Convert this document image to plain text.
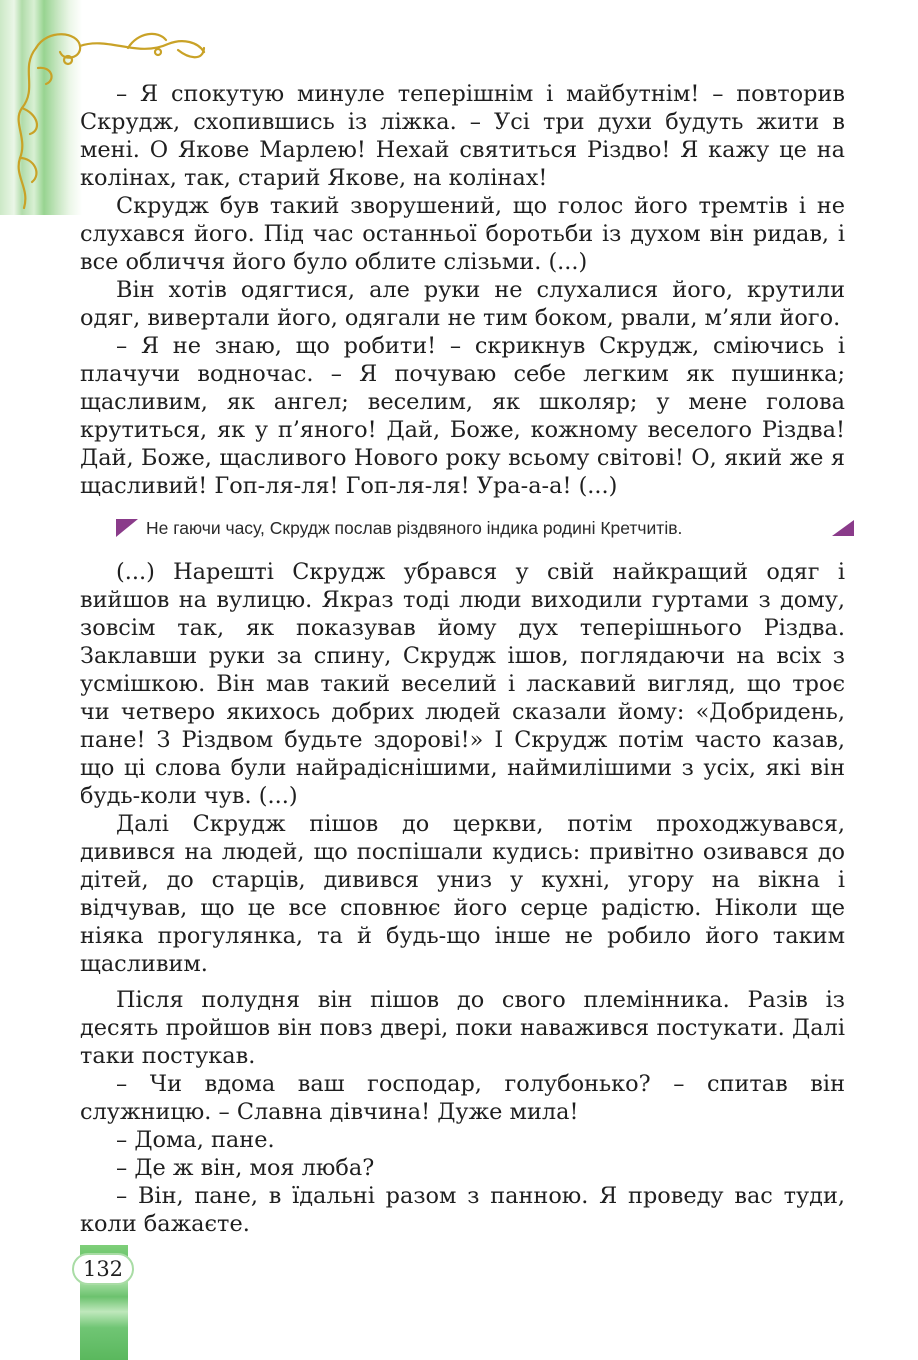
– Я спокутую минуле теперішнім і майбутнім! – повторив Скрудж, схопившись із ліжка. – Усі три духи будуть жити в мені. О Якове Марлею! Нехай святиться Різдво! Я кажу це на колінах, так, старий Якове, на колінах!

Скрудж був такий зворушений, що голос його тремтів і не слухався його. Під час останньої боротьби із духом він ридав, і все обличчя його було облите слізьми. (...)

Він хотів одягтися, але руки не слухалися його, крутили одяг, вивертали його, одягали не тим боком, рвали, м’яли його.

– Я не знаю, що робити! – скрикнув Скрудж, сміючись і плачучи водночас. – Я почуваю себе легким як пушинка; щасливим, як ангел; веселим, як школяр; у мене голова крутиться, як у п’яного! Дай, Боже, кожному веселого Різдва! Дай, Боже, щасливого Нового року всьому світові! О, який же я щасливий! Гоп-ля-ля! Гоп-ля-ля! Ура-а-а! (...)

Не гаючи часу, Скрудж послав різдвяного індика родині Кретчитів.

(...) Нарешті Скрудж убрався у свій найкращий одяг і вийшов на вулицю. Якраз тоді люди виходили гуртами з дому, зовсім так, як показував йому дух теперішнього Різдва. Заклавши руки за спину, Скрудж ішов, поглядаючи на всіх з усмішкою. Він мав такий веселий і ласкавий вигляд, що троє чи четверо якихось добрих людей сказали йому: «Добридень, пане! З Різдвом будьте здорові!» І Скрудж потім часто казав, що ці слова були найрадіснішими, наймилішими з усіх, які він будь-коли чув. (...)

Далі Скрудж пішов до церкви, потім проходжувався, дивився на людей, що поспішали кудись: привітно озивався до дітей, до старців, дивився униз у кухні, угору на вікна і відчував, що це все сповнює його серце радістю. Ніколи ще ніяка прогулянка, та й будь-що інше не робило його таким щасливим.

Після полудня він пішов до свого племінника. Разів із десять пройшов він повз двері, поки наважився постукати. Далі таки постукав.

– Чи вдома ваш господар, голубонько? – спитав він служницю. – Славна дівчина! Дуже мила!

– Дома, пане.

– Де ж він, моя люба?

– Він, пане, в їдальні разом з панною. Я проведу вас туди, коли бажаєте.

132
